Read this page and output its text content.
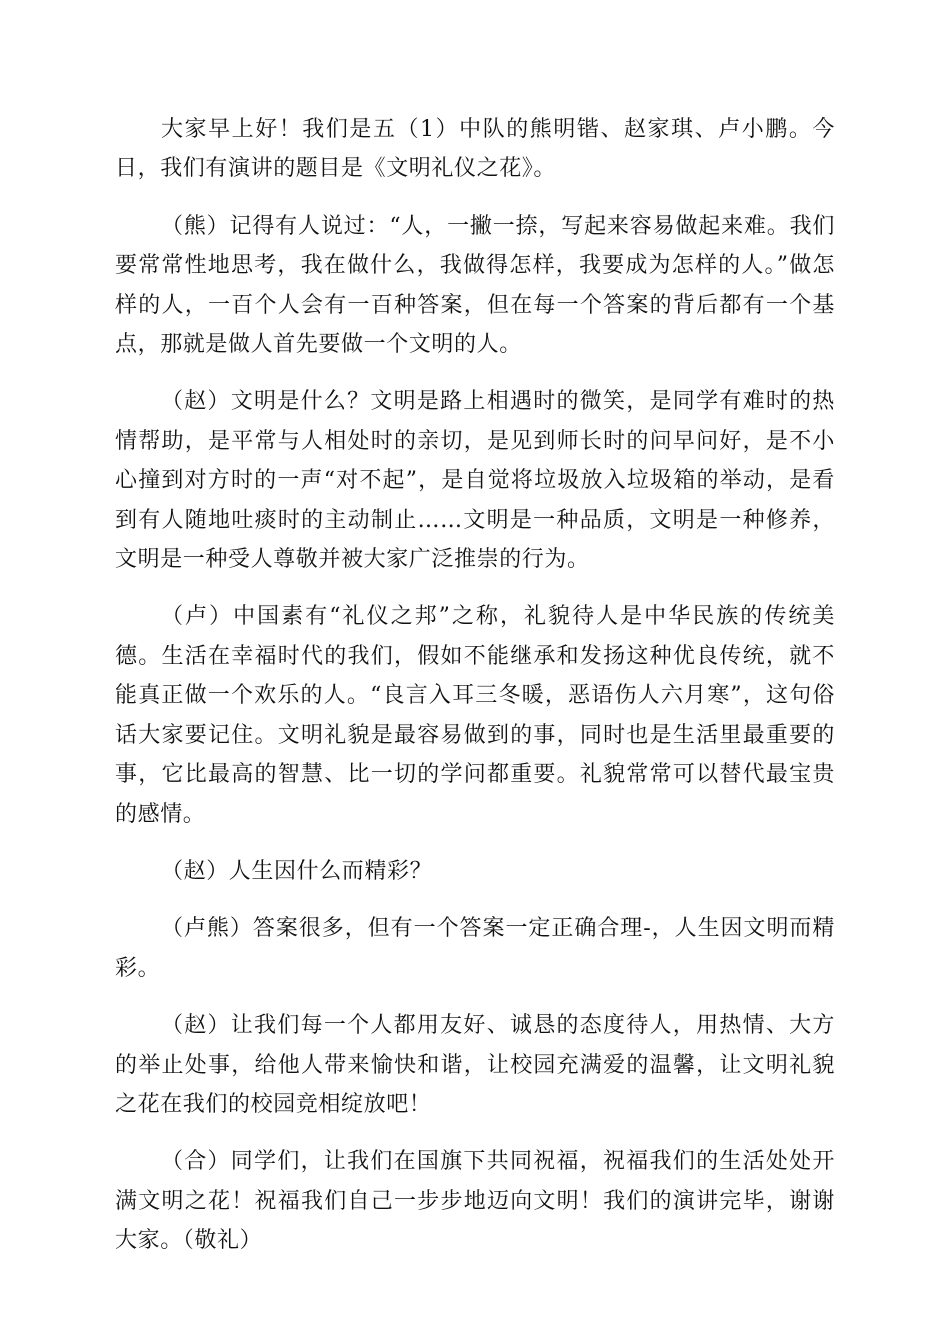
大家早上好！我们是五（1）中队的熊明锴、赵家琪、卢小鹏。今日，我们有演讲的题目是《文明礼仪之花》。

（熊）记得有人说过：“人，一撇一捺，写起来容易做起来难。我们要常常性地思考，我在做什么，我做得怎样，我要成为怎样的人。”做怎样的人，一百个人会有一百种答案，但在每一个答案的背后都有一个基点，那就是做人首先要做一个文明的人。

（赵）文明是什么？文明是路上相遇时的微笑，是同学有难时的热情帮助，是平常与人相处时的亲切，是见到师长时的问早问好，是不小心撞到对方时的一声“对不起”，是自觉将垃圾放入垃圾箱的举动，是看到有人随地吐痰时的主动制止……文明是一种品质，文明是一种修养，文明是一种受人尊敬并被大家广泛推崇的行为。

（卢）中国素有“礼仪之邦”之称，礼貌待人是中华民族的传统美德。生活在幸福时代的我们，假如不能继承和发扬这种优良传统，就不能真正做一个欢乐的人。“良言入耳三冬暖，恶语伤人六月寒”，这句俗话大家要记住。文明礼貌是最容易做到的事，同时也是生活里最重要的事，它比最高的智慧、比一切的学问都重要。礼貌常常可以替代最宝贵的感情。

（赵）人生因什么而精彩？

（卢熊）答案很多，但有一个答案一定正确合理-，人生因文明而精彩。

（赵）让我们每一个人都用友好、诚恳的态度待人，用热情、大方的举止处事，给他人带来愉快和谐，让校园充满爱的温馨，让文明礼貌之花在我们的校园竞相绽放吧！

（合）同学们，让我们在国旗下共同祝福，祝福我们的生活处处开满文明之花！祝福我们自己一步步地迈向文明！我们的演讲完毕，谢谢大家。（敬礼）
